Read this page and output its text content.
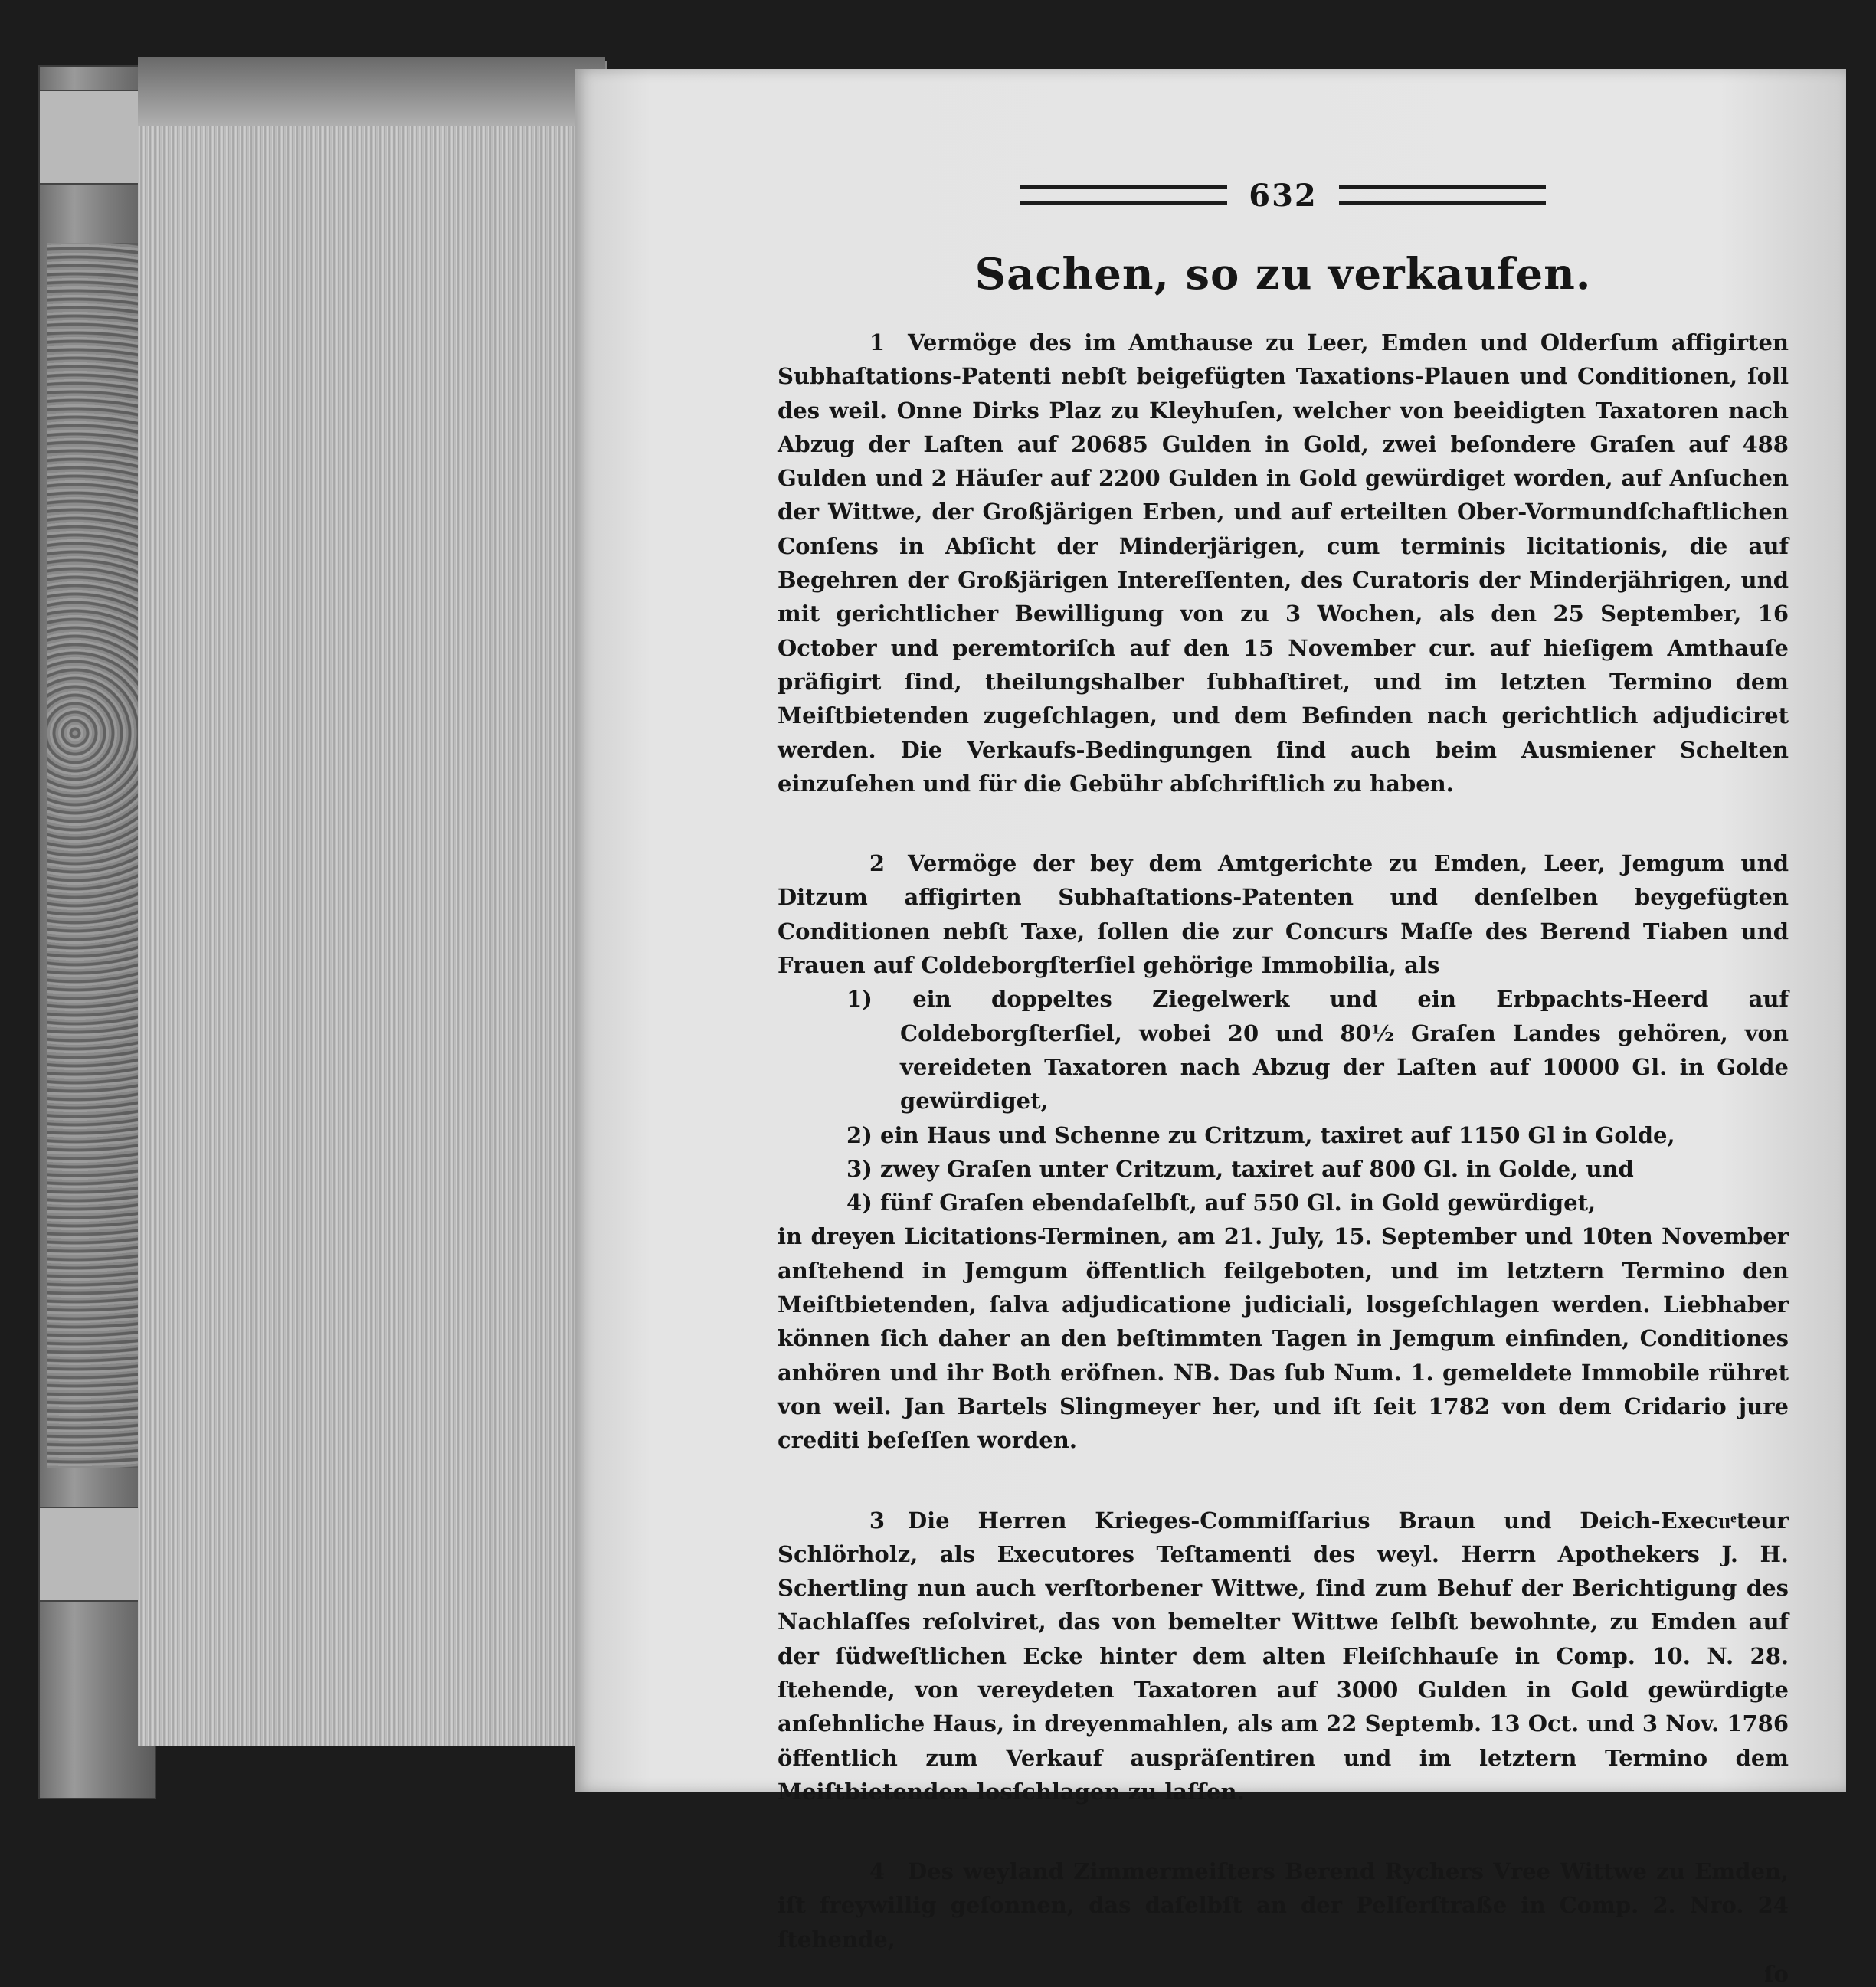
632
Sachen, so zu verkaufen.

1 Vermöge des im Amthause zu Leer, Emden und Olderſum affigirten Subhaſtations-Patenti nebſt beigefügten Taxations-Plauen und Conditionen, ſoll des weil. Onne Dirks Plaz zu Kleyhuſen, welcher von beeidigten Taxatoren nach Abzug der Laſten auf 20685 Gulden in Gold, zwei beſondere Graſen auf 488 Gulden und 2 Häuſer auf 2200 Gulden in Gold gewürdiget worden, auf Anſuchen der Wittwe, der Großjärigen Erben, und auf erteilten Ober-Vormundſchaftlichen Conſens in Abſicht der Minderjärigen, cum terminis licitationis, die auf Begehren der Großjärigen Intereſſenten, des Curatoris der Minderjährigen, und mit gerichtlicher Bewilligung von zu 3 Wochen, als den 25 September, 16 October und peremtoriſch auf den 15 November cur. auf hieſigem Amthauſe präfigirt ſind, theilungshalber ſubhaſtiret, und im letzten Termino dem Meiſtbietenden zugeſchlagen, und dem Befinden nach gerichtlich adjudiciret werden. Die Verkaufs-Bedingungen ſind auch beim Ausmiener Schelten einzuſehen und für die Gebühr abſchriftlich zu haben.

2 Vermöge der bey dem Amtgerichte zu Emden, Leer, Jemgum und Ditzum affigirten Subhaſtations-Patenten und denſelben beygefügten Conditionen nebſt Taxe, ſollen die zur Concurs Maſſe des Berend Tiaben und Frauen auf Coldeborgſterſiel gehörige Immobilia, als

1) ein doppeltes Ziegelwerk und ein Erbpachts-Heerd auf Coldeborgſterſiel, wobei 20 und 80½ Graſen Landes gehören, von vereideten Taxatoren nach Abzug der Laſten auf 10000 Gl. in Golde gewürdiget,
2) ein Haus und Schenne zu Critzum, taxiret auf 1150 Gl in Golde,
3) zwey Graſen unter Critzum, taxiret auf 800 Gl. in Golde, und
4) fünf Graſen ebendaſelbſt, auf 550 Gl. in Gold gewürdiget,

in dreyen Licitations-Terminen, am 21. July, 15. September und 10ten November anſtehend in Jemgum öffentlich feilgeboten, und im letztern Termino den Meiſtbietenden, ſalva adjudicatione judiciali, losgeſchlagen werden. Liebhaber können ſich daher an den beſtimmten Tagen in Jemgum einfinden, Conditiones anhören und ihr Both eröfnen. NB. Das ſub Num. 1. gemeldete Immobile rühret von weil. Jan Bartels Slingmeyer her, und iſt ſeit 1782 von dem Cridario jure crediti beſeſſen worden.

3 Die Herren Krieges-Commiſſarius Braun und Deich-Execuͤteur Schlörholz, als Executores Teſtamenti des weyl. Herrn Apothekers J. H. Schertling nun auch verſtorbener Wittwe, ſind zum Behuf der Berichtigung des Nachlaſſes reſolviret, das von bemelter Wittwe ſelbſt bewohnte, zu Emden auf der ſüdweſtlichen Ecke hinter dem alten Fleiſchhauſe in Comp. 10. N. 28. ſtehende, von vereydeten Taxatoren auf 3000 Gulden in Gold gewürdigte anſehnliche Haus, in dreyenmahlen, als am 22 Septemb. 13 Oct. und 3 Nov. 1786 öffentlich zum Verkauf auspräſentiren und im letztern Termino dem Meiſtbietenden losſchlagen zu laſſen.

4 Des weyland Zimmermeiſters Berend Rychers Vree Wittwe zu Emden, iſt freywillig geſonnen, das daſelbſt an der Pelſerſtraße in Comp. 2. Nro. 24 ſtehende,

ſo
